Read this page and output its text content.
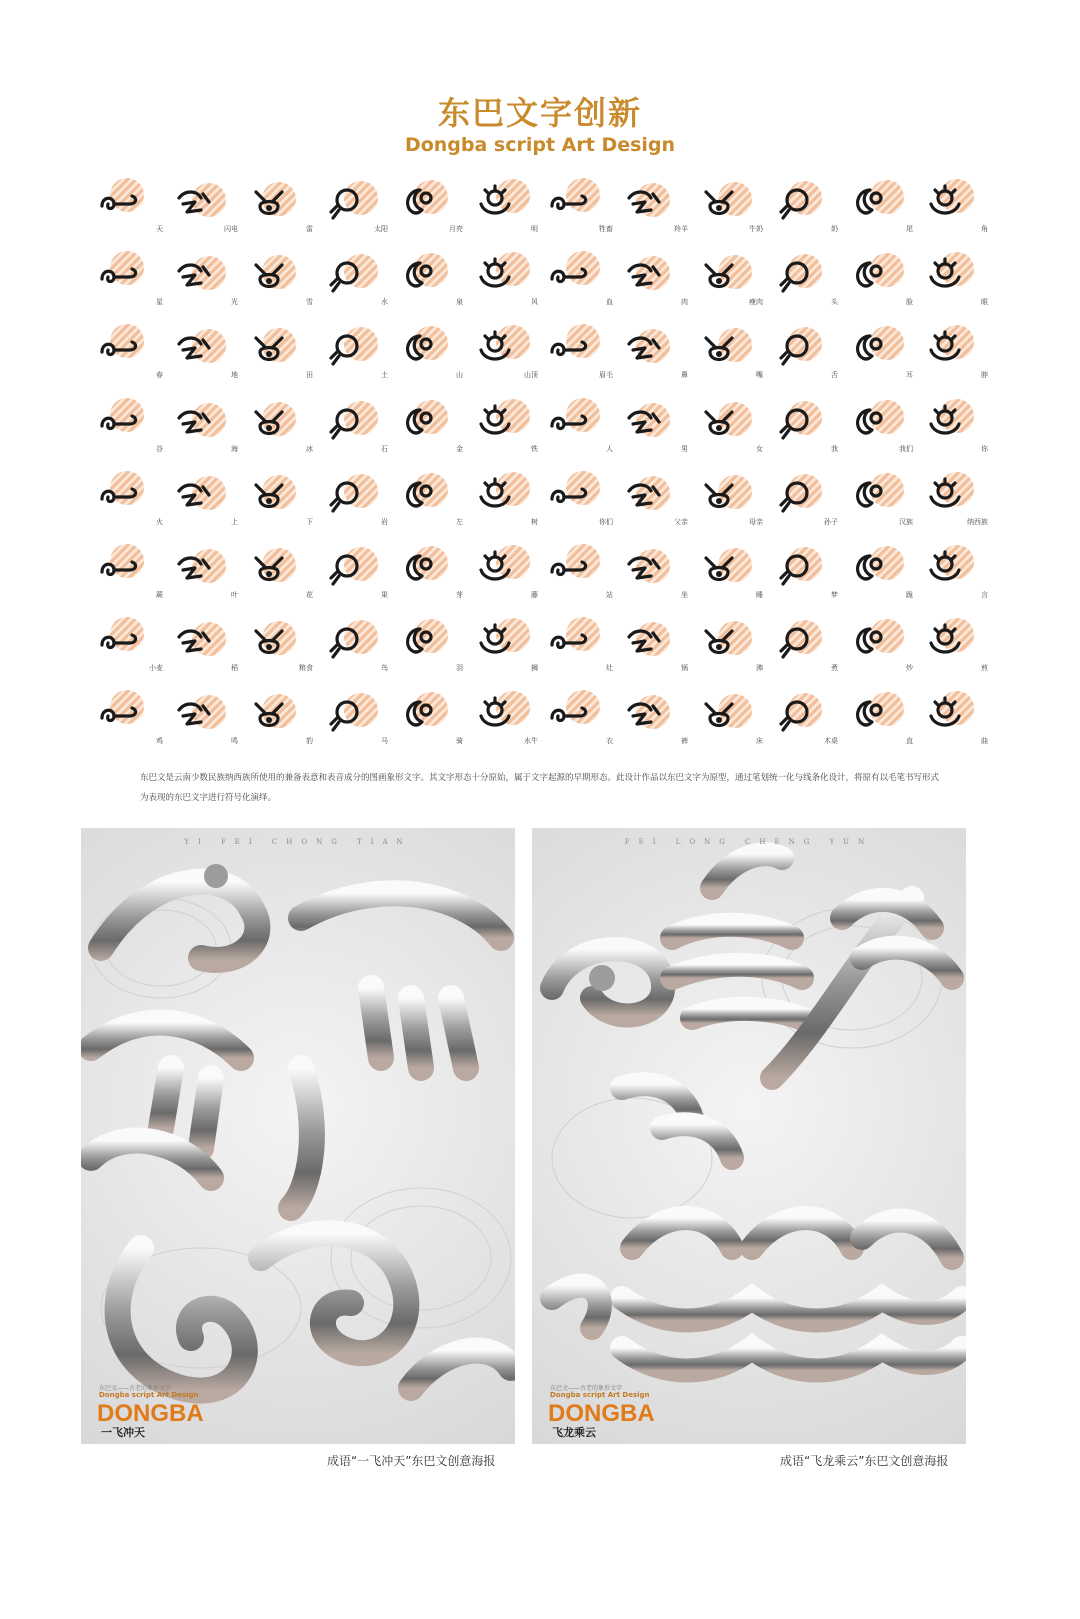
东巴文字创新
Dongba script Art Design
天	闪电	雷	太阳	月亮	明	牲畜	羚羊	牛奶	奶	尾	角
星	光	雪	水	泉	风	血	肉	瘦肉	头	脸	眼
春	地	田	土	山	山顶	眉毛	鼻	嘴	舌	耳	脖
谷	海	冰	石	金	铁	人	男	女	我	我们	你
火	上	下	岩	左	树	你们	父亲	母亲	孙子	汉族	纳西族
蕨	叶	花	果	芽	藤	站	坐	睡	梦	跪	言
小麦	稻	粮食	鸟	羽	狮	灶	锅	沸	煮	炒	煎
鸡	鸣	豹	马	骑	水牛	衣	裤	床	木桌	直	曲
东巴文是云南少数民族纳西族所使用的兼备表意和表音成分的图画象形文字。其文字形态十分原始，属于文字起源的早期形态。此设计作品以东巴文字为原型，通过笔划统一化与线条化设计，将原有以毛笔书写形式为表现的东巴文字进行符号化演绎。
YI FEI CHONG TIAN
东巴文——古老的象形文字
Dongba script Art Design
DONGBA
一飞冲天
FEI LONG CHENG YUN
东巴文——古老的象形文字
Dongba script Art Design
DONGBA
飞龙乘云
成语“一飞冲天”东巴文创意海报	成语“飞龙乘云”东巴文创意海报
